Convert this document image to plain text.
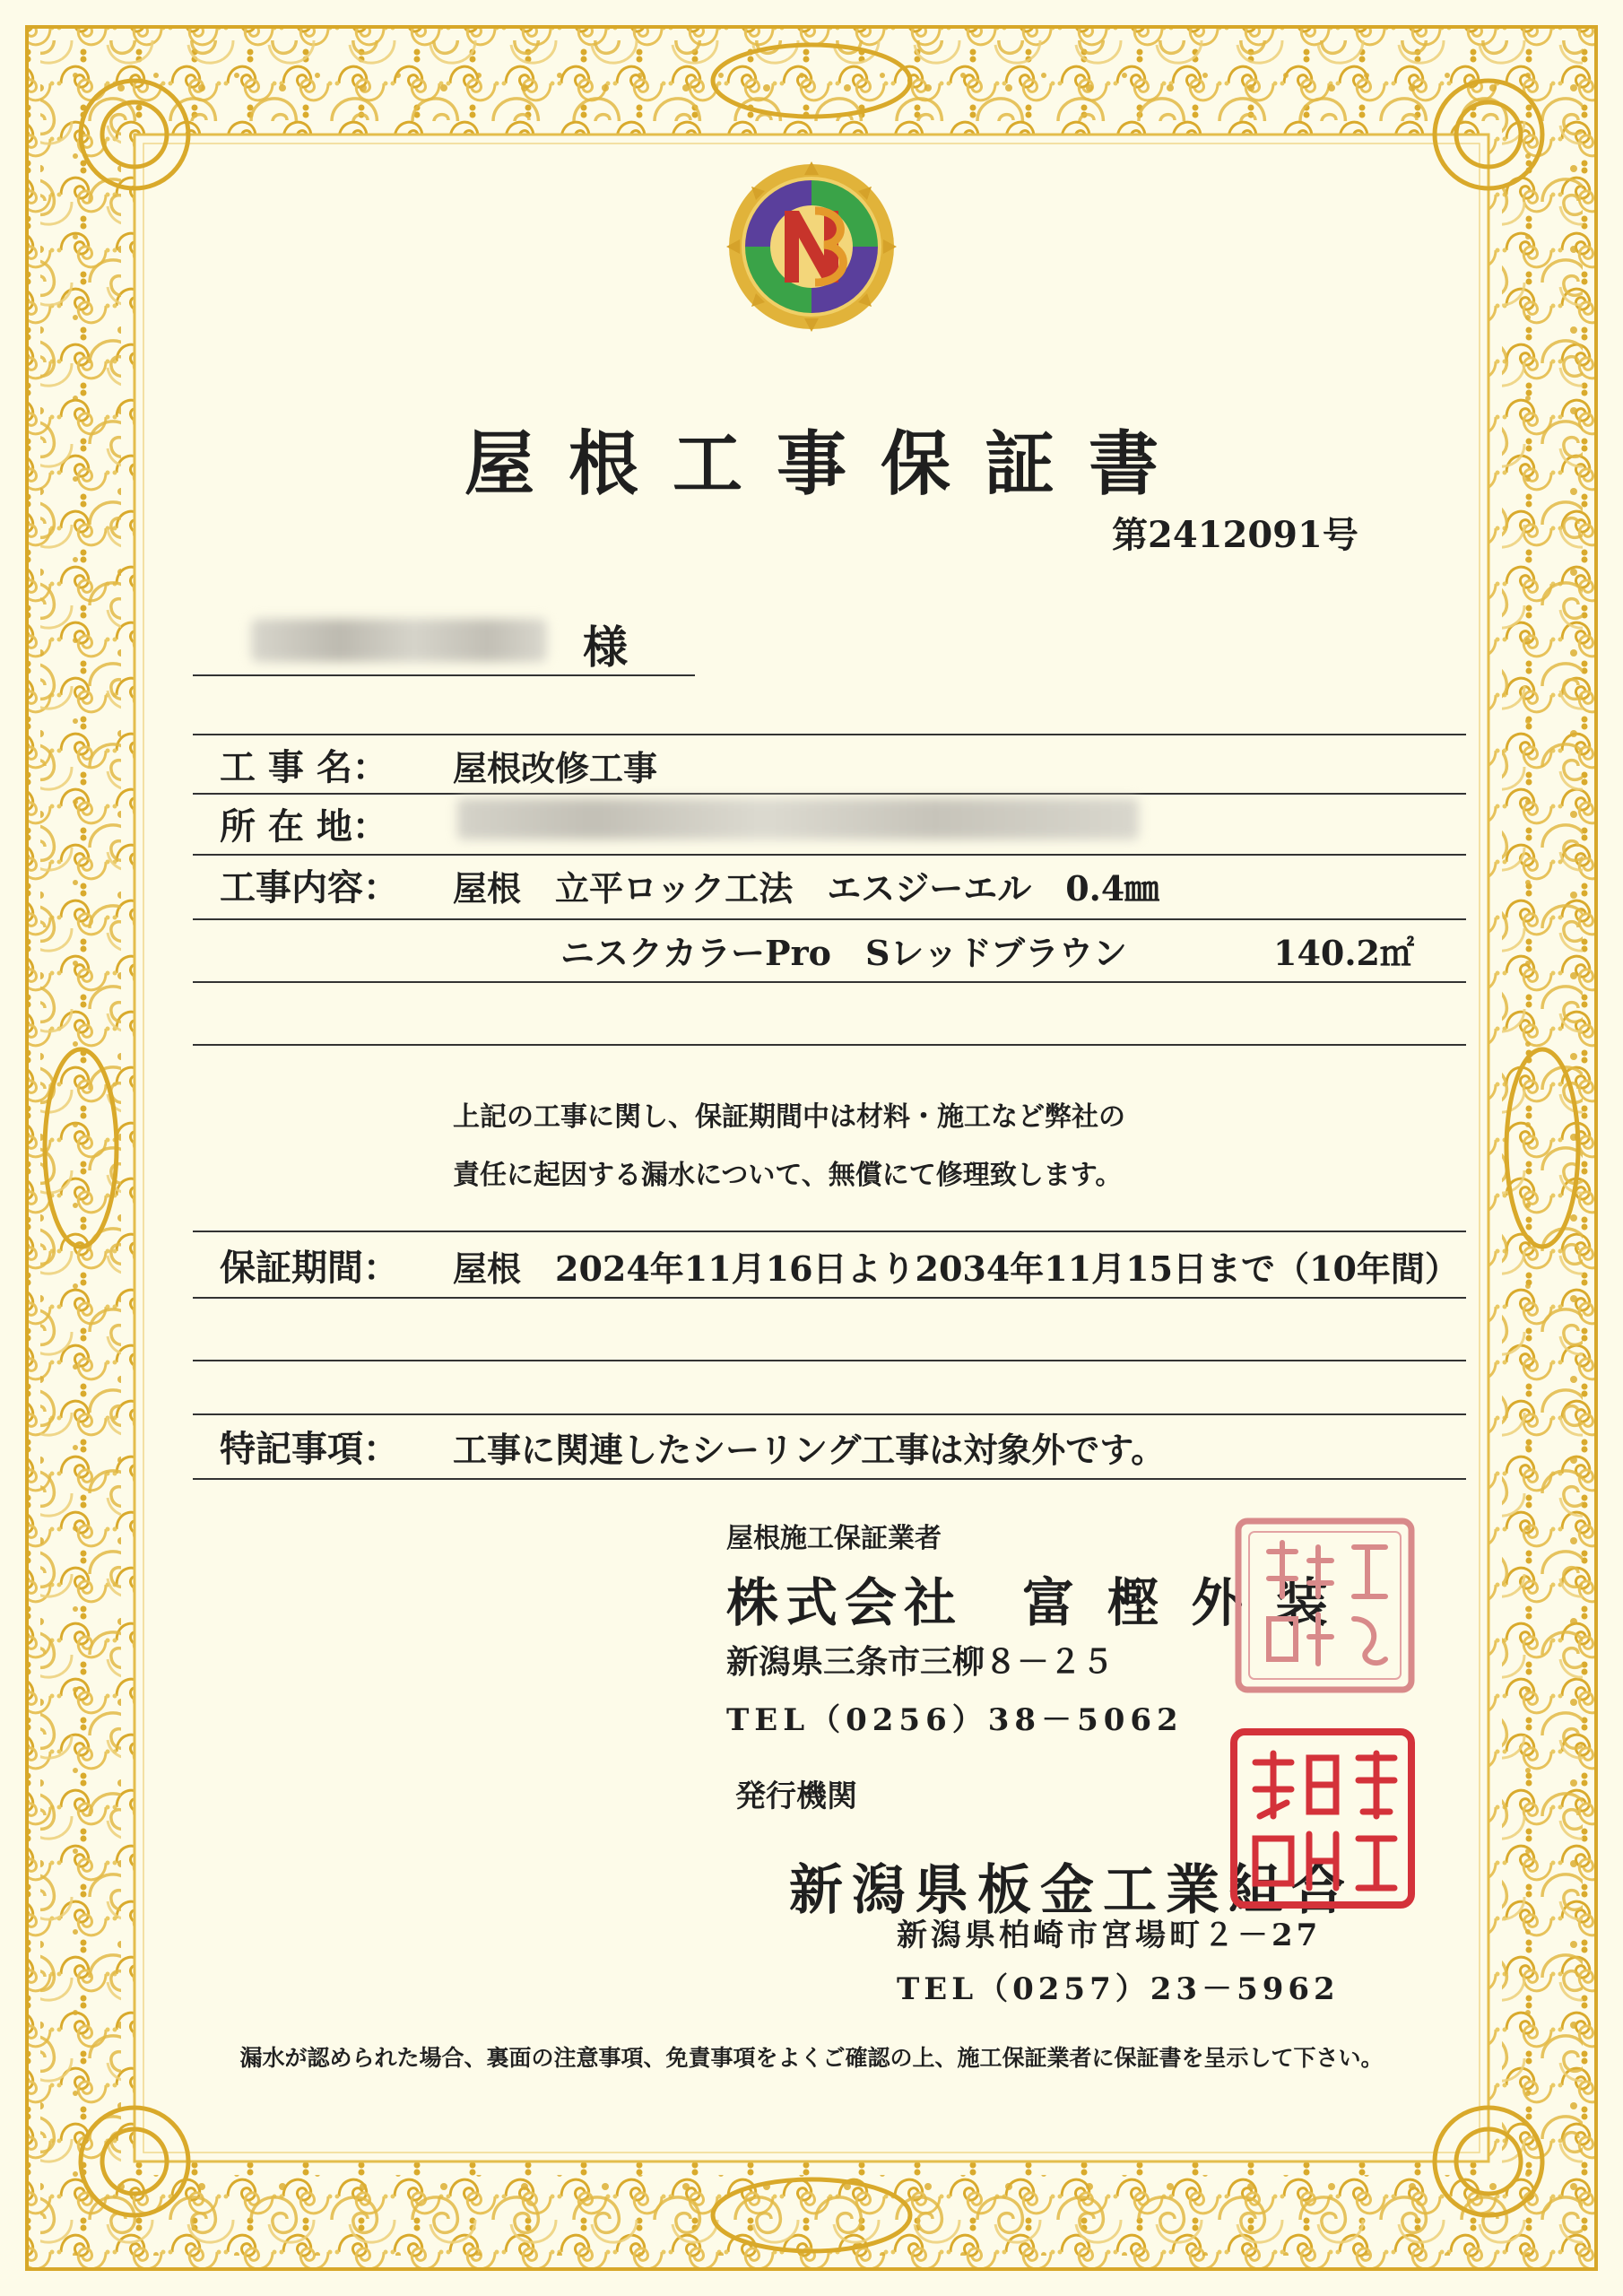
屋根工事保証書
第2412091号
様
工 事 名： 屋根改修工事
所 在 地：
工事内容： 屋根　立平ロック工法　エスジーエル　0.4㎜
ニスクカラーPro　Sレッドブラウン	140.2㎡
上記の工事に関し、保証期間中は材料・施工など弊社の
責任に起因する漏水について、無償にて修理致します。
保証期間： 屋根　2024年11月16日より2034年11月15日まで（10年間）
特記事項： 工事に関連したシーリング工事は対象外です。
屋根施工保証業者
株式会社　富 樫 外 装
新潟県三条市三柳８－２５
TEL（0256）38－5062
発行機関
新潟県板金工業組合
新潟県柏崎市宮場町２－27
TEL（0257）23－5962
漏水が認められた場合、裏面の注意事項、免責事項をよくご確認の上、施工保証業者に保証書を呈示して下さい。
